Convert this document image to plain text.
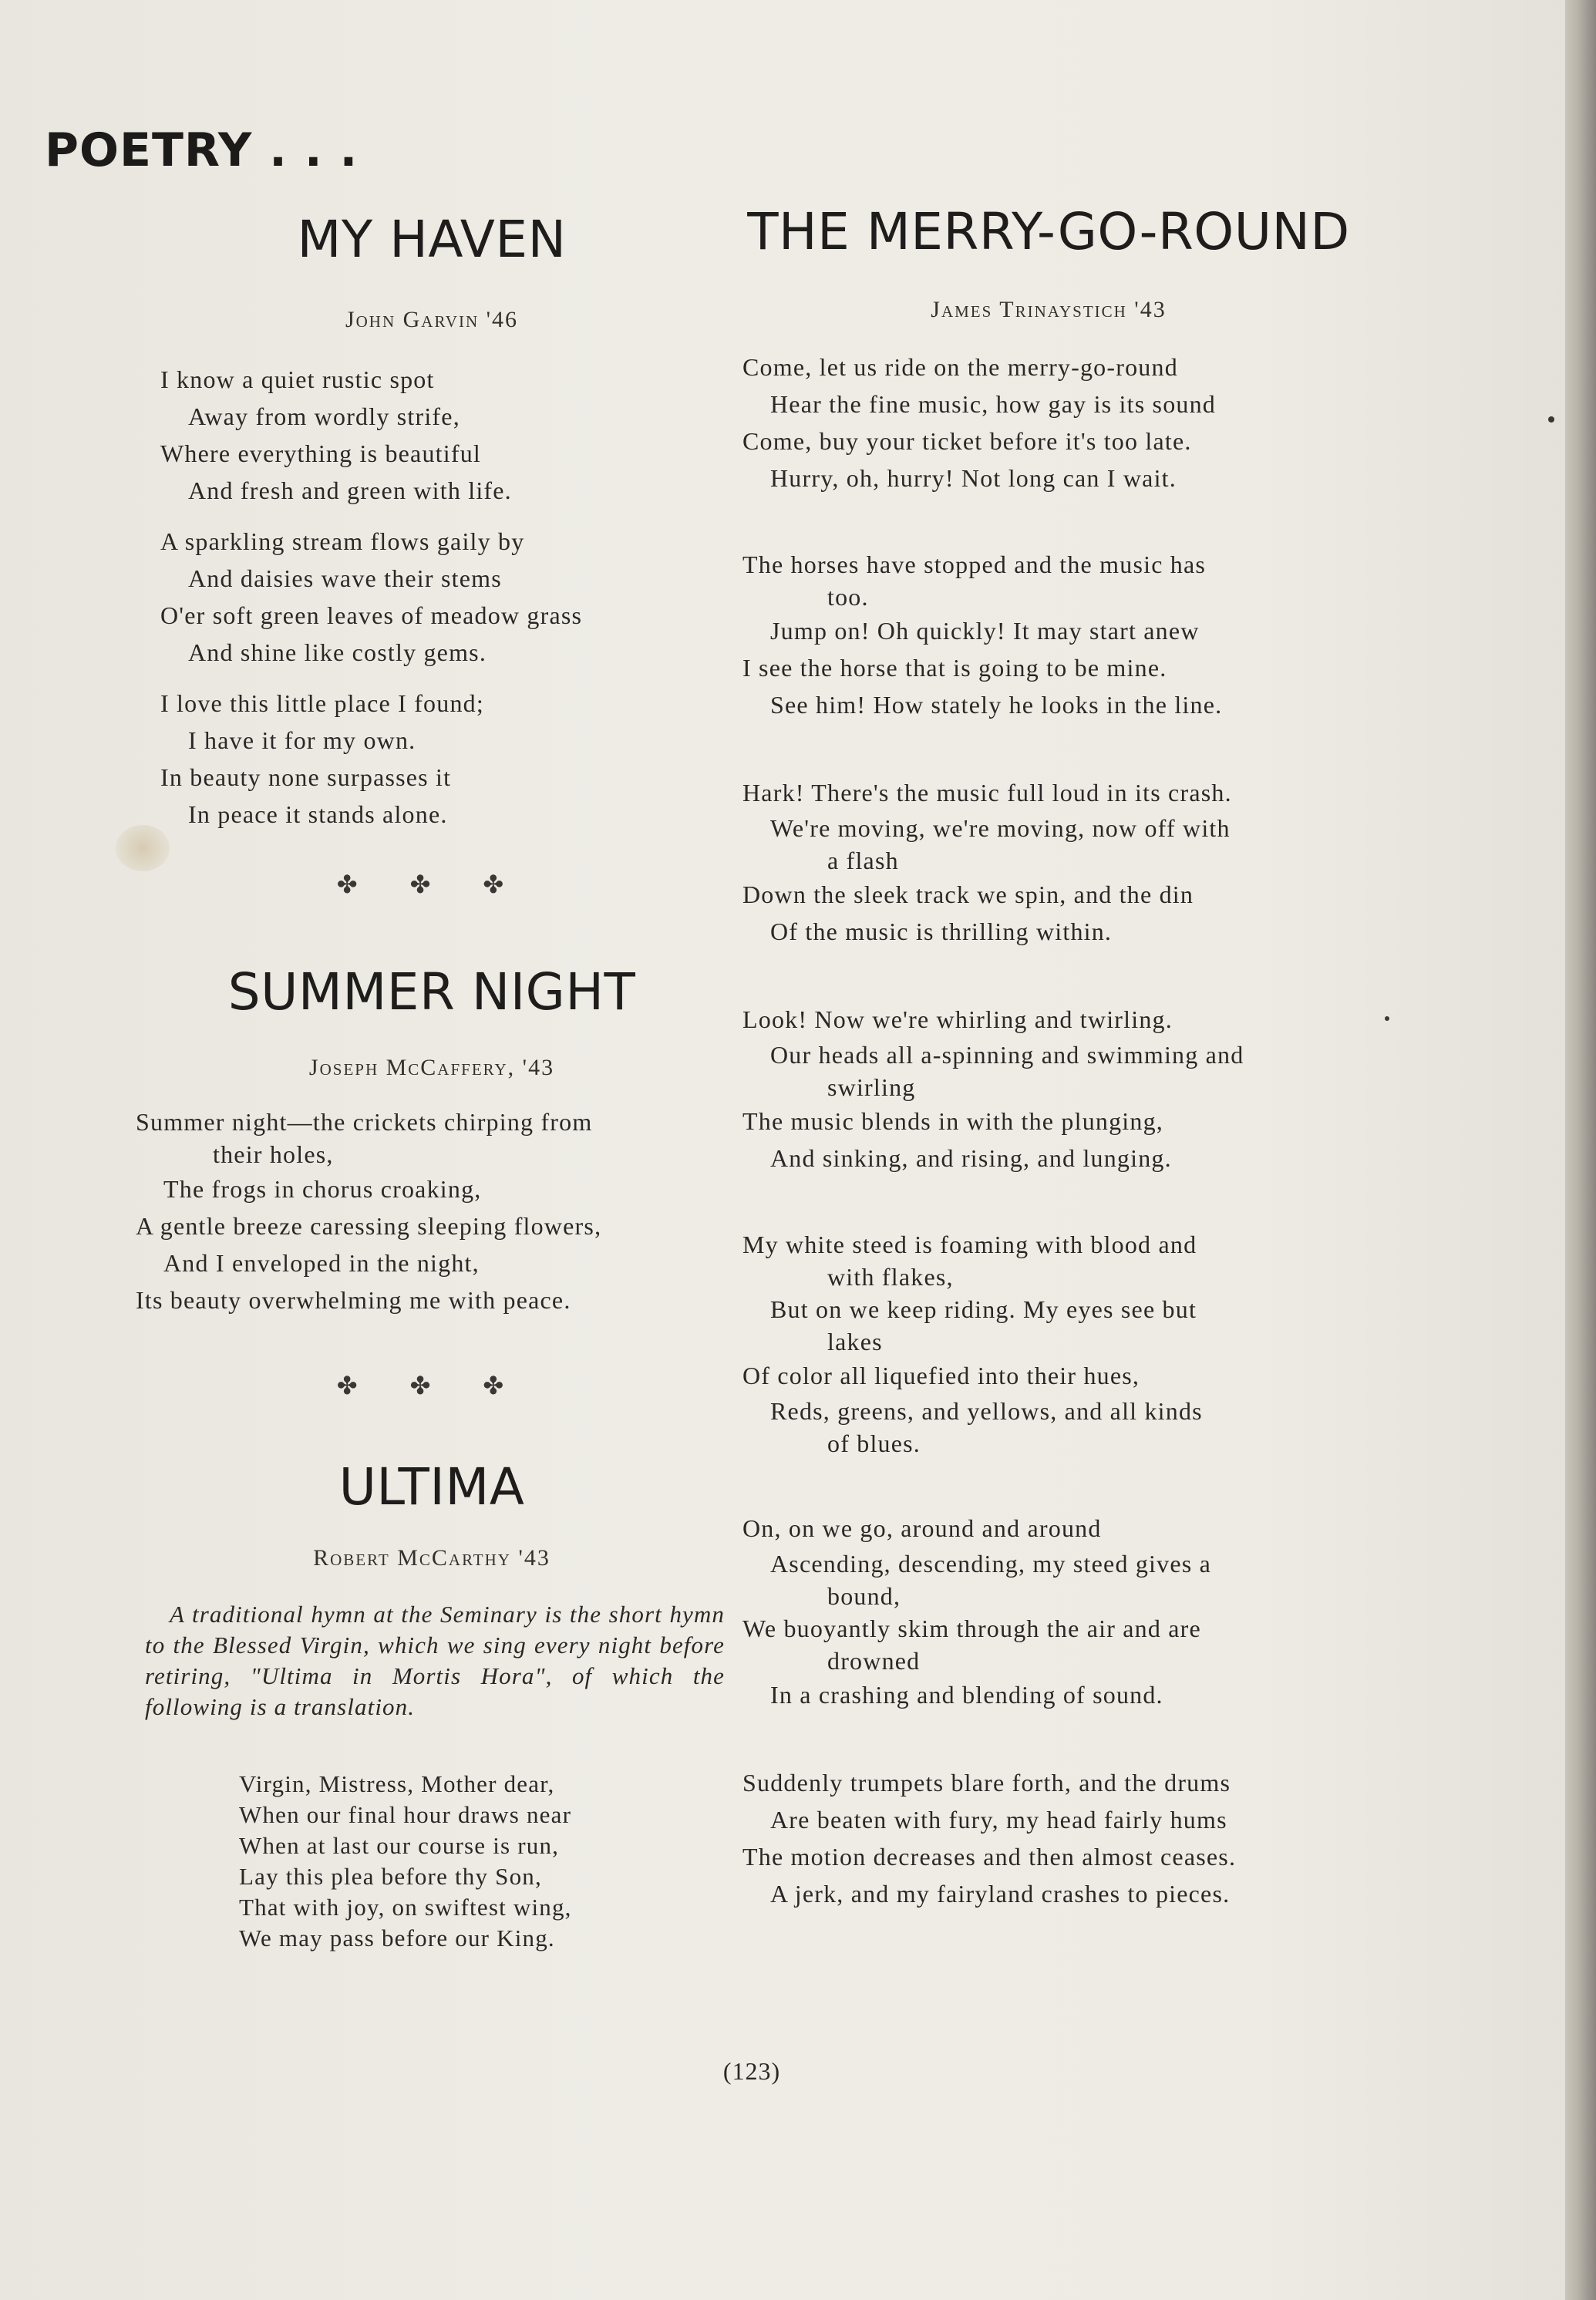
POETRY . . .
MY HAVEN
John Garvin '46
I know a quiet rustic spot
Away from wordly strife,
Where everything is beautiful
And fresh and green with life.
A sparkling stream flows gaily by
And daisies wave their stems
O'er soft green leaves of meadow grass
And shine like costly gems.
I love this little place I found;
I have it for my own.
In beauty none surpasses it
In peace it stands alone.
✤ ✤ ✤
SUMMER NIGHT
Joseph McCaffery, '43
Summer night—the crickets chirping from
their holes,
The frogs in chorus croaking,
A gentle breeze caressing sleeping flowers,
And I enveloped in the night,
Its beauty overwhelming me with peace.
✤ ✤ ✤
ULTIMA
Robert McCarthy '43
A traditional hymn at the Seminary is the short hymn to the Blessed Virgin, which we sing every night before retiring, "Ultima in Mortis Hora", of which the following is a translation.
Virgin, Mistress, Mother dear,
When our final hour draws near
When at last our course is run,
Lay this plea before thy Son,
That with joy, on swiftest wing,
We may pass before our King.
THE MERRY-GO-ROUND
James Trinaystich '43
Come, let us ride on the merry-go-round
Hear the fine music, how gay is its sound
Come, buy your ticket before it's too late.
Hurry, oh, hurry! Not long can I wait.
The horses have stopped and the music has
too.
Jump on! Oh quickly! It may start anew
I see the horse that is going to be mine.
See him! How stately he looks in the line.
Hark! There's the music full loud in its crash.
We're moving, we're moving, now off with
a flash
Down the sleek track we spin, and the din
Of the music is thrilling within.
Look! Now we're whirling and twirling.
Our heads all a-spinning and swimming and
swirling
The music blends in with the plunging,
And sinking, and rising, and lunging.
My white steed is foaming with blood and
with flakes,
But on we keep riding. My eyes see but
lakes
Of color all liquefied into their hues,
Reds, greens, and yellows, and all kinds
of blues.
On, on we go, around and around
Ascending, descending, my steed gives a
bound,
We buoyantly skim through the air and are
drowned
In a crashing and blending of sound.
Suddenly trumpets blare forth, and the drums
Are beaten with fury, my head fairly hums
The motion decreases and then almost ceases.
A jerk, and my fairyland crashes to pieces.
(123)
